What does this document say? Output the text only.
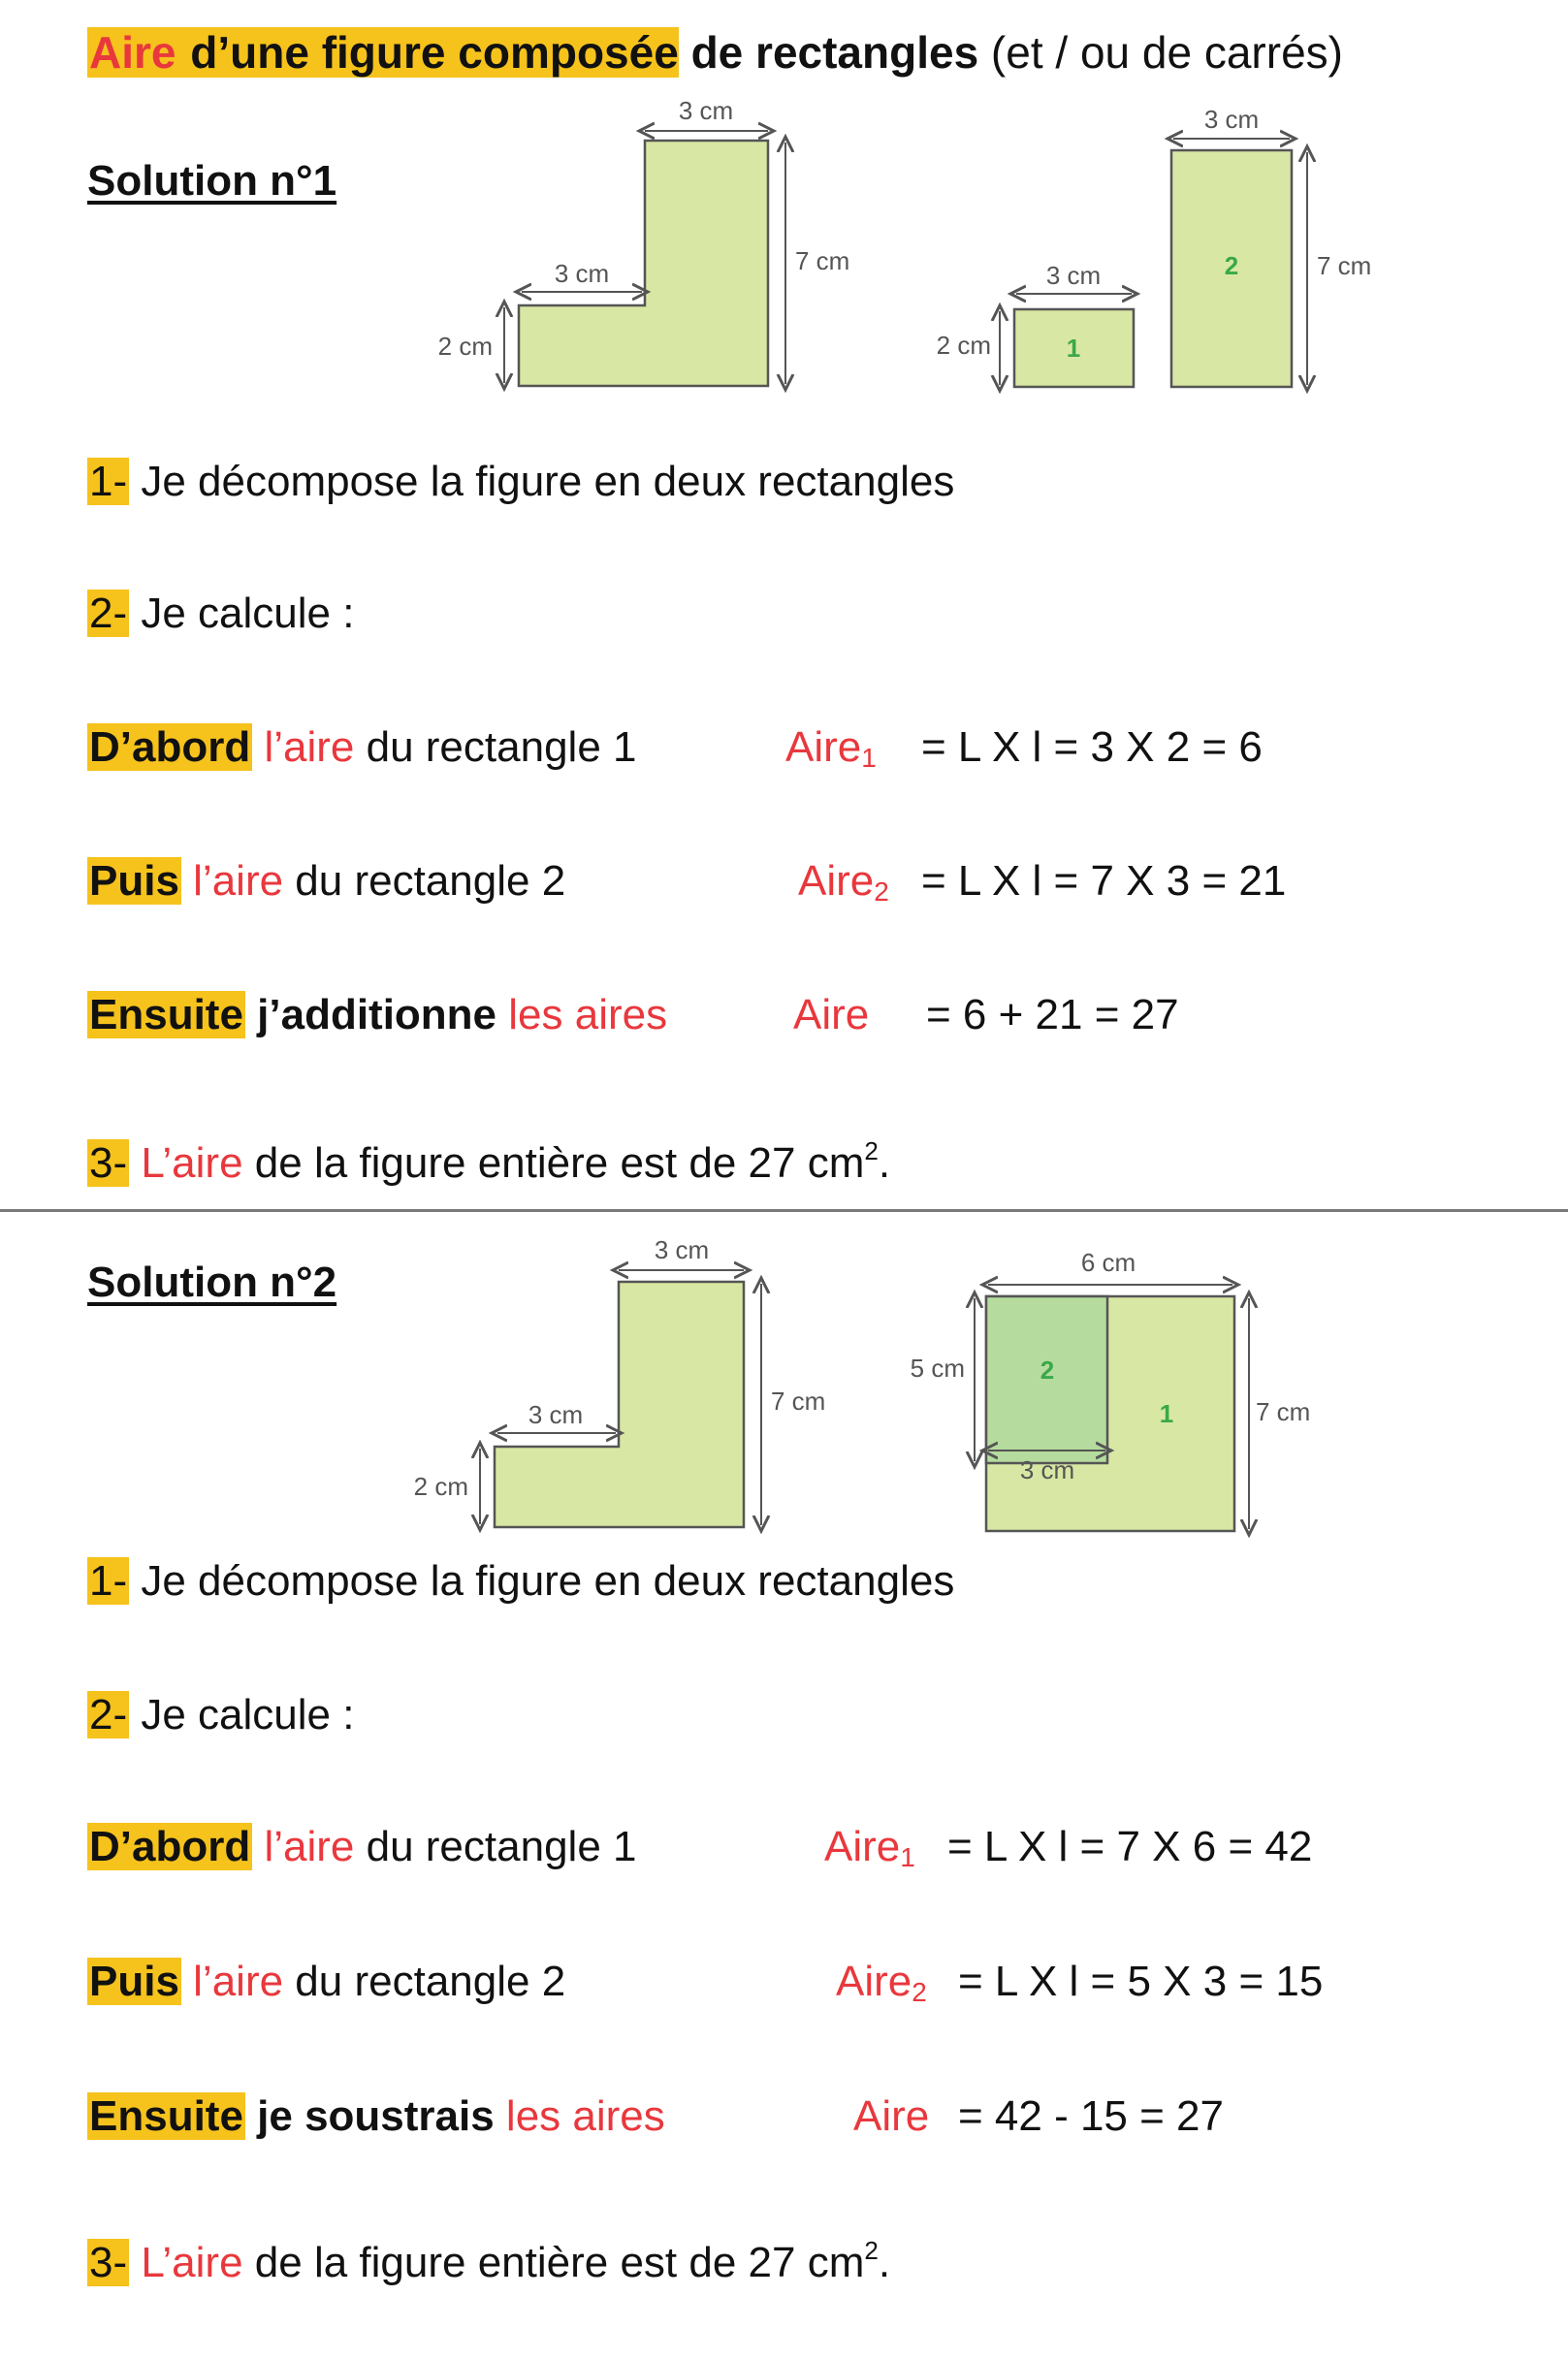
Aire d’une figure composée de rectangles (et / ou de carrés)
Solution n°1
3 cm
3 cm
2 cm
7 cm
1
3 cm
2 cm
2
3 cm
7 cm
1- Je décompose la figure en deux rectangles
2- Je calcule :
D’abord l’aire du rectangle 1	Aire$_1$ = L X l = 3 X 2 = 6
Puis l’aire du rectangle 2	Aire$_2$ = L X l = 7 X 3 = 21
Ensuite j’additionne les aires	Aire = 6 + 21 = 27
3- L’aire de la figure entière est de 27 $cm^2$.
Solution n°2
3 cm
3 cm
2 cm
7 cm
2
1
6 cm
5 cm
3 cm
7 cm
1- Je décompose la figure en deux rectangles
2- Je calcule :
D’abord l’aire du rectangle 1	Aire$_1$ = L X l = 7 X 6 = 42
Puis l’aire du rectangle 2	Aire$_2$ = L X l = 5 X 3 = 15
Ensuite je soustrais les aires	Aire = 42 - 15 = 27
3- L’aire de la figure entière est de 27 $cm^2$.
